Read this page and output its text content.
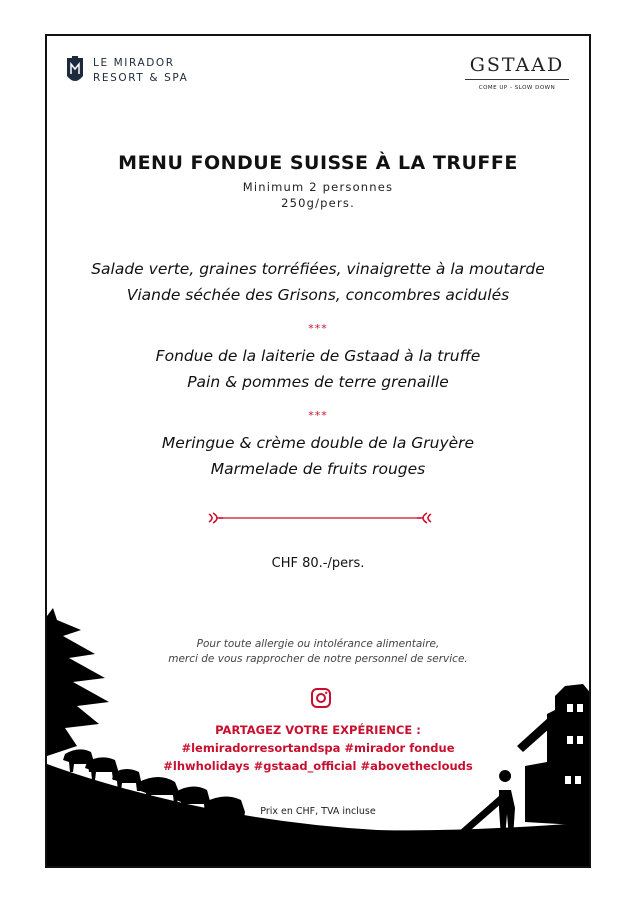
LE MIRADOR
RESORT & SPA
GSTAAD
COME UP - SLOW DOWN
MENU FONDUE SUISSE À LA TRUFFE
Minimum 2 personnes
250g/pers.
Salade verte, graines torréfiées, vinaigrette à la moutarde
Viande séchée des Grisons, concombres acidulés
***
Fondue de la laiterie de Gstaad à la truffe
Pain & pommes de terre grenaille
***
Meringue & crème double de la Gruyère
Marmelade de fruits rouges
CHF 80.-/pers.
Pour toute allergie ou intolérance alimentaire,
merci de vous rapprocher de notre personnel de service.
PARTAGEZ VOTRE EXPÉRIENCE :
#lemiradorresortandspa #mirador fondue
#lhwholidays #gstaad_official #abovetheclouds
Prix en CHF, TVA incluse
